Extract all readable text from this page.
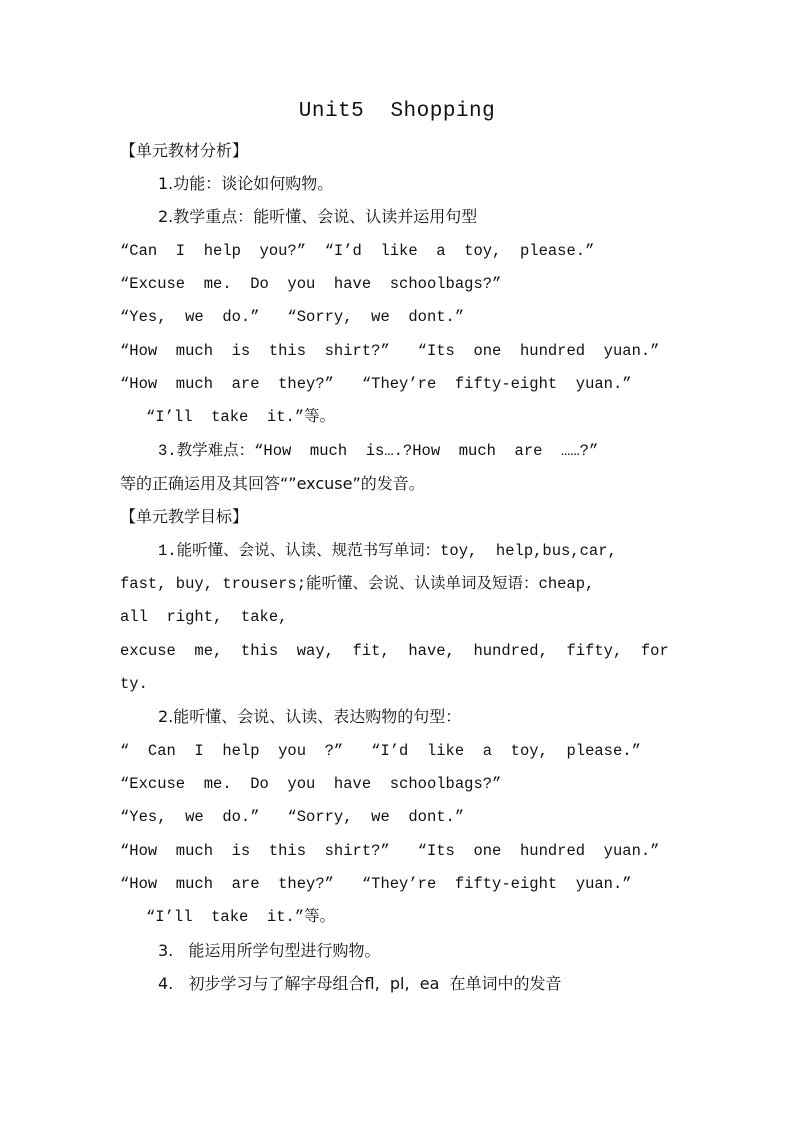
Unit5  Shopping
【单元教材分析】
1.功能：谈论如何购物。
2.教学重点：能听懂、会说、认读并运用句型
“Can  I  help  you?”  “I’d  like  a  toy,  please.”
“Excuse  me.  Do  you  have  schoolbags?”
“Yes,  we  do.”   “Sorry,  we  dont.”
“How  much  is  this  shirt?”   “Its  one  hundred  yuan.”
“How  much  are  they?”   “They’re  fifty-eight  yuan.”
“I’ll  take  it.”等。
3.教学难点：“How  much  is….?How  much  are  ……?”
等的正确运用及其回答“”excuse”的发音。
【单元教学目标】
1.能听懂、会说、认读、规范书写单词：toy,  help,bus,car,
fast, buy, trousers;能听懂、会说、认读单词及短语：cheap,
all  right,  take,
excuse  me,  this  way,  fit,  have,  hundred,  fifty,  for
ty.
2.能听懂、会说、认读、表达购物的句型：
“  Can  I  help  you  ?”   “I’d  like  a  toy,  please.”
“Excuse  me.  Do  you  have  schoolbags?”
“Yes,  we  do.”   “Sorry,  we  dont.”
“How  much  is  this  shirt?”   “Its  one  hundred  yuan.”
“How  much  are  they?”   “They’re  fifty-eight  yuan.”
“I’ll  take  it.”等。
3.   能运用所学句型进行购物。
4.   初步学习与了解字母组合fl,  pl,  ea  在单词中的发音
